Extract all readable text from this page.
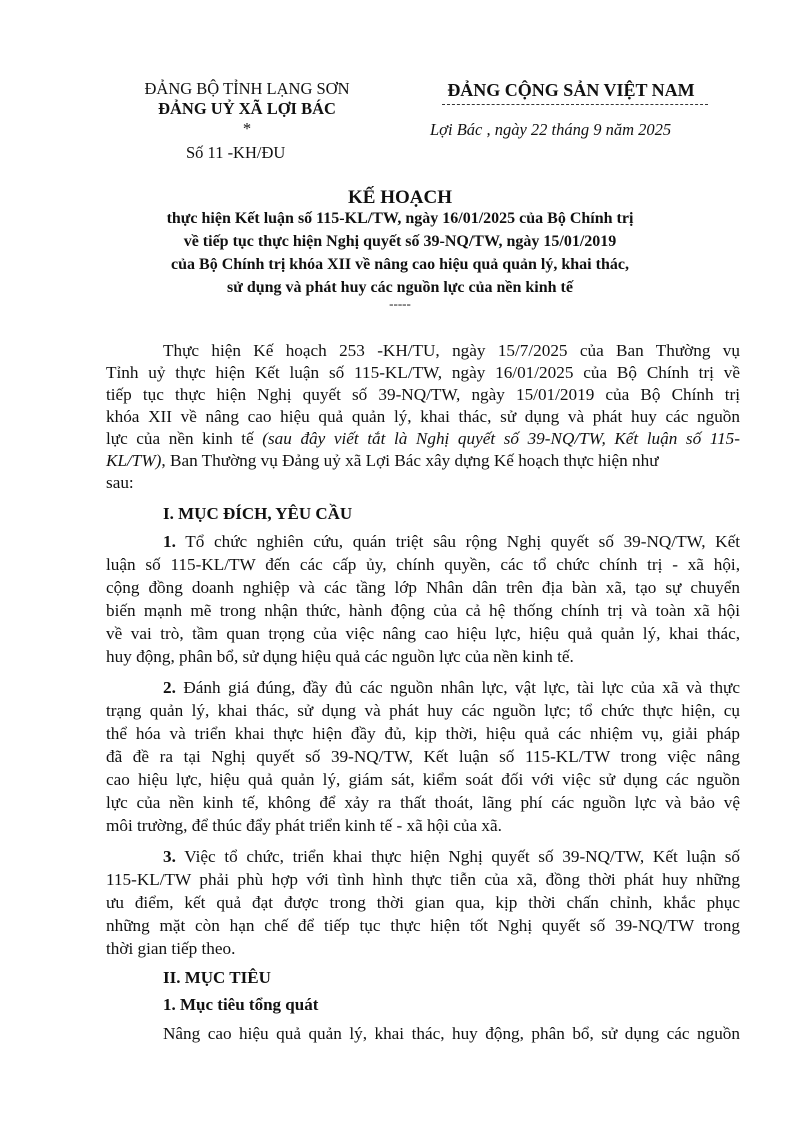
ĐẢNG BỘ TỈNH LẠNG SƠN
ĐẢNG UỶ XÃ LỢI BÁC
*
Số 11 -KH/ĐU
ĐẢNG CỘNG SẢN VIỆT NAM
Lợi Bác , ngày 22 tháng 9 năm 2025
KẾ HOẠCH
thực hiện Kết luận số 115-KL/TW, ngày 16/01/2025 của Bộ Chính trị
về tiếp tục thực hiện Nghị quyết số 39-NQ/TW, ngày 15/01/2019
của Bộ Chính trị khóa XII về nâng cao hiệu quả quản lý, khai thác,
sử dụng và phát huy các nguồn lực của nền kinh tế
-----
Thực hiện Kế hoạch 253 -KH/TU, ngày 15/7/2025 của Ban Thường vụ
Tỉnh uỷ thực hiện Kết luận số 115-KL/TW, ngày 16/01/2025 của Bộ Chính trị về
tiếp tục thực hiện Nghị quyết số 39-NQ/TW, ngày 15/01/2019 của Bộ Chính trị
khóa XII về nâng cao hiệu quả quản lý, khai thác, sử dụng và phát huy các nguồn
lực của nền kinh tế (sau đây viết tắt là Nghị quyết số 39-NQ/TW, Kết luận số 115-
KL/TW), Ban Thường vụ Đảng uỷ xã Lợi Bác xây dựng Kế hoạch thực hiện như
sau:
I. MỤC ĐÍCH, YÊU CẦU
1. Tổ chức nghiên cứu, quán triệt sâu rộng Nghị quyết số 39-NQ/TW, Kết
luận số 115-KL/TW đến các cấp ủy, chính quyền, các tổ chức chính trị - xã hội,
cộng đồng doanh nghiệp và các tầng lớp Nhân dân trên địa bàn xã, tạo sự chuyển
biến mạnh mẽ trong nhận thức, hành động của cả hệ thống chính trị và toàn xã hội
về vai trò, tầm quan trọng của việc nâng cao hiệu lực, hiệu quả quản lý, khai thác,
huy động, phân bổ, sử dụng hiệu quả các nguồn lực của nền kinh tế.
2. Đánh giá đúng, đầy đủ các nguồn nhân lực, vật lực, tài lực của xã và thực
trạng quản lý, khai thác, sử dụng và phát huy các nguồn lực; tổ chức thực hiện, cụ
thể hóa và triển khai thực hiện đầy đủ, kịp thời, hiệu quả các nhiệm vụ, giải pháp
đã đề ra tại Nghị quyết số 39-NQ/TW, Kết luận số 115-KL/TW trong việc nâng
cao hiệu lực, hiệu quả quản lý, giám sát, kiểm soát đối với việc sử dụng các nguồn
lực của nền kinh tế, không để xảy ra thất thoát, lãng phí các nguồn lực và bảo vệ
môi trường, để thúc đẩy phát triển kinh tế - xã hội của xã.
3. Việc tổ chức, triển khai thực hiện Nghị quyết số 39-NQ/TW, Kết luận số
115-KL/TW phải phù hợp với tình hình thực tiễn của xã, đồng thời phát huy những
ưu điểm, kết quả đạt được trong thời gian qua, kịp thời chấn chỉnh, khắc phục
những mặt còn hạn chế để tiếp tục thực hiện tốt Nghị quyết số 39-NQ/TW trong
thời gian tiếp theo.
II. MỤC TIÊU
1. Mục tiêu tổng quát
Nâng cao hiệu quả quản lý, khai thác, huy động, phân bổ, sử dụng các nguồn
